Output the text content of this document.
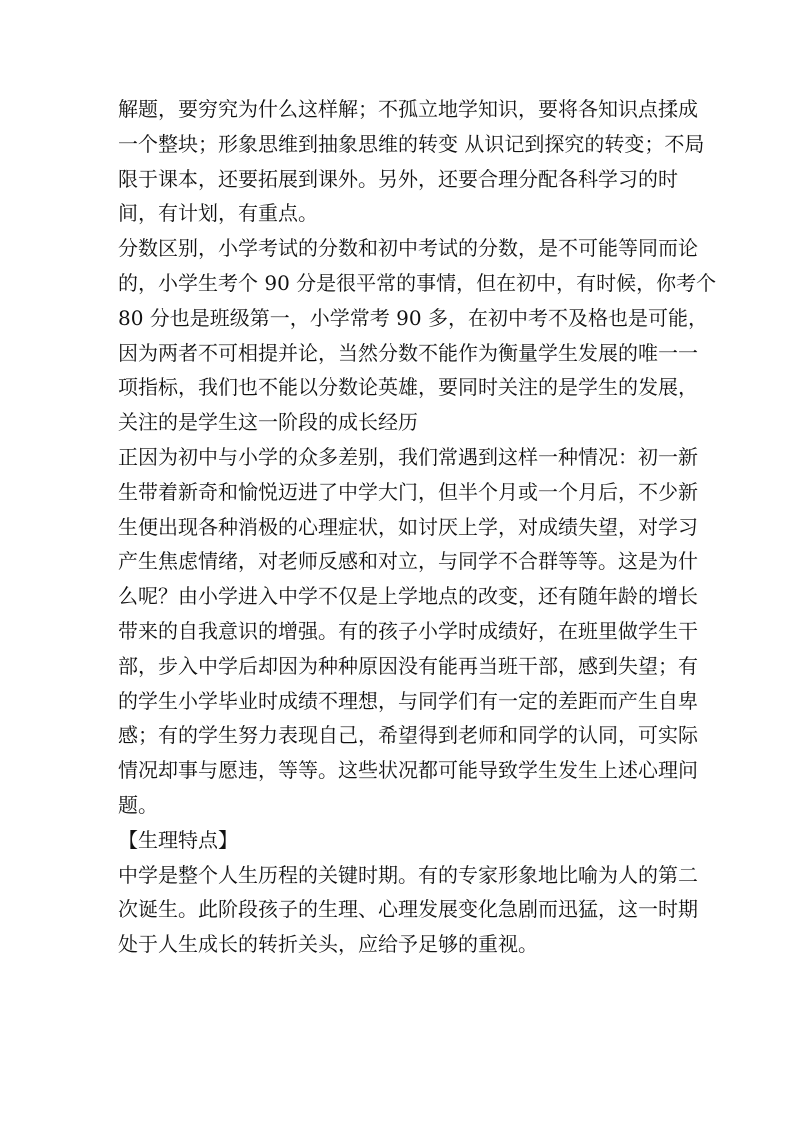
解题，要穷究为什么这样解；不孤立地学知识，要将各知识点揉成
一个整块；形象思维到抽象思维的转变 从识记到探究的转变；不局
限于课本，还要拓展到课外。另外，还要合理分配各科学习的时
间，有计划，有重点。
分数区别，小学考试的分数和初中考试的分数，是不可能等同而论
的，小学生考个 90 分是很平常的事情，但在初中，有时候，你考个
80 分也是班级第一，小学常考 90 多，在初中考不及格也是可能，
因为两者不可相提并论，当然分数不能作为衡量学生发展的唯一一
项指标，我们也不能以分数论英雄，要同时关注的是学生的发展，
关注的是学生这一阶段的成长经历
正因为初中与小学的众多差别，我们常遇到这样一种情况：初一新
生带着新奇和愉悦迈进了中学大门，但半个月或一个月后，不少新
生便出现各种消极的心理症状，如讨厌上学，对成绩失望，对学习
产生焦虑情绪，对老师反感和对立，与同学不合群等等。这是为什
么呢？由小学进入中学不仅是上学地点的改变，还有随年龄的增长
带来的自我意识的增强。有的孩子小学时成绩好，在班里做学生干
部，步入中学后却因为种种原因没有能再当班干部，感到失望；有
的学生小学毕业时成绩不理想，与同学们有一定的差距而产生自卑
感；有的学生努力表现自己，希望得到老师和同学的认同，可实际
情况却事与愿违，等等。这些状况都可能导致学生发生上述心理问
题。
【生理特点】
中学是整个人生历程的关键时期。有的专家形象地比喻为人的第二
次诞生。此阶段孩子的生理、心理发展变化急剧而迅猛，这一时期
处于人生成长的转折关头，应给予足够的重视。
